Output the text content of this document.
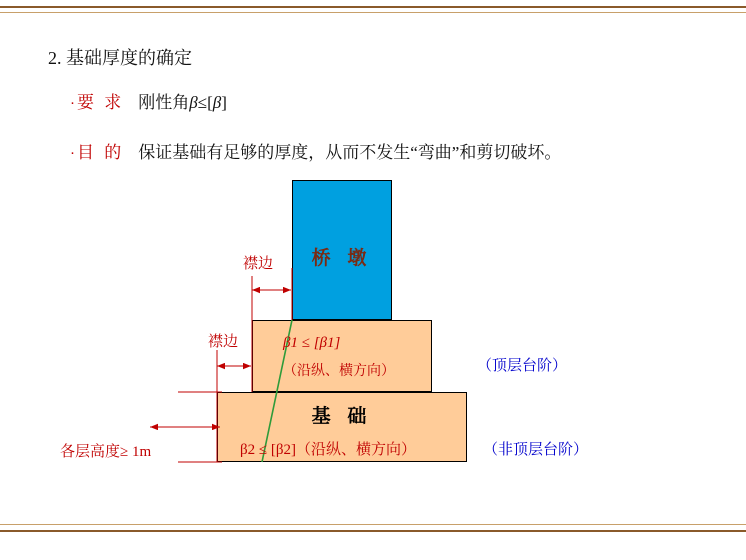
2. 基础厚度的确定
· 要 求 刚性角β≤[β]
· 目 的 保证基础有足够的厚度，从而不发生“弯曲”和剪切破坏。
桥 墩
基 础
襟边
襟边
各层高度≥ 1m
β1 ≤ [β1]
（沿纵、横方向）
β2 ≤ [β2]（沿纵、横方向）
（顶层台阶）
（非顶层台阶）
